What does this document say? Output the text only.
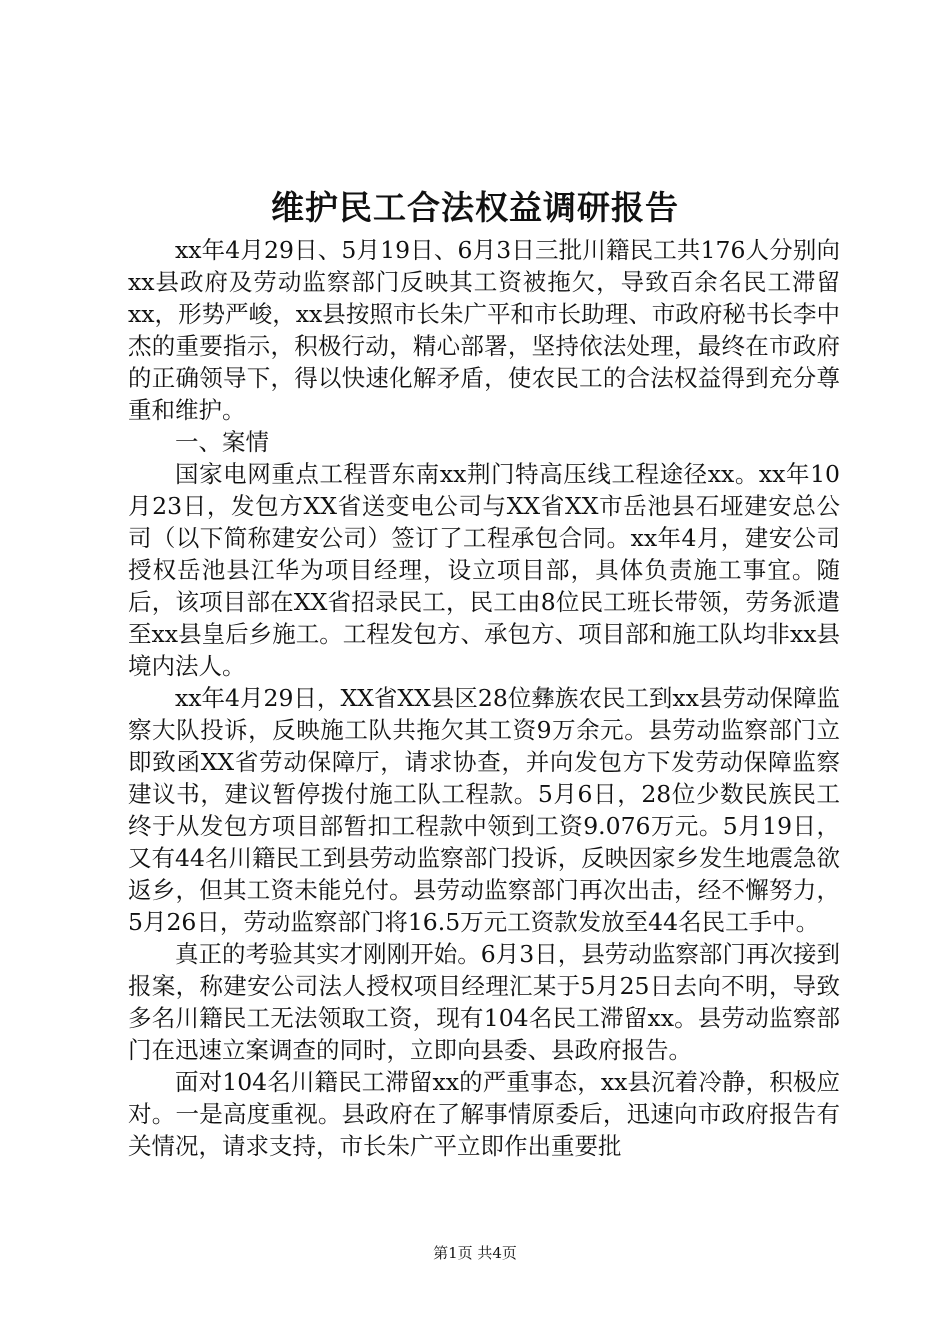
维护民工合法权益调研报告

xx年4月29日、5月19日、6月3日三批川籍民工共176人分别向xx县政府及劳动监察部门反映其工资被拖欠，导致百余名民工滞留xx，形势严峻，xx县按照市长朱广平和市长助理、市政府秘书长李中杰的重要指示，积极行动，精心部署，坚持依法处理，最终在市政府的正确领导下，得以快速化解矛盾，使农民工的合法权益得到充分尊重和维护。

一、案情

国家电网重点工程晋东南xx荆门特高压线工程途径xx。xx年10月23日，发包方XX省送变电公司与XX省XX市岳池县石垭建安总公司（以下简称建安公司）签订了工程承包合同。xx年4月，建安公司授权岳池县江华为项目经理，设立项目部，具体负责施工事宜。随后，该项目部在XX省招录民工，民工由8位民工班长带领，劳务派遣至xx县皇后乡施工。工程发包方、承包方、项目部和施工队均非xx县境内法人。

xx年4月29日，XX省XX县区28位彝族农民工到xx县劳动保障监察大队投诉，反映施工队共拖欠其工资9万余元。县劳动监察部门立即致函XX省劳动保障厅，请求协查，并向发包方下发劳动保障监察建议书，建议暂停拨付施工队工程款。5月6日，28位少数民族民工终于从发包方项目部暂扣工程款中领到工资9.076万元。5月19日，又有44名川籍民工到县劳动监察部门投诉，反映因家乡发生地震急欲返乡，但其工资未能兑付。县劳动监察部门再次出击，经不懈努力，5月26日，劳动监察部门将16.5万元工资款发放至44名民工手中。

真正的考验其实才刚刚开始。6月3日，县劳动监察部门再次接到报案，称建安公司法人授权项目经理汇某于5月25日去向不明，导致多名川籍民工无法领取工资，现有104名民工滞留xx。县劳动监察部门在迅速立案调查的同时，立即向县委、县政府报告。

面对104名川籍民工滞留xx的严重事态，xx县沉着冷静，积极应对。一是高度重视。县政府在了解事情原委后，迅速向市政府报告有关情况，请求支持，市长朱广平立即作出重要批

第1页 共4页
